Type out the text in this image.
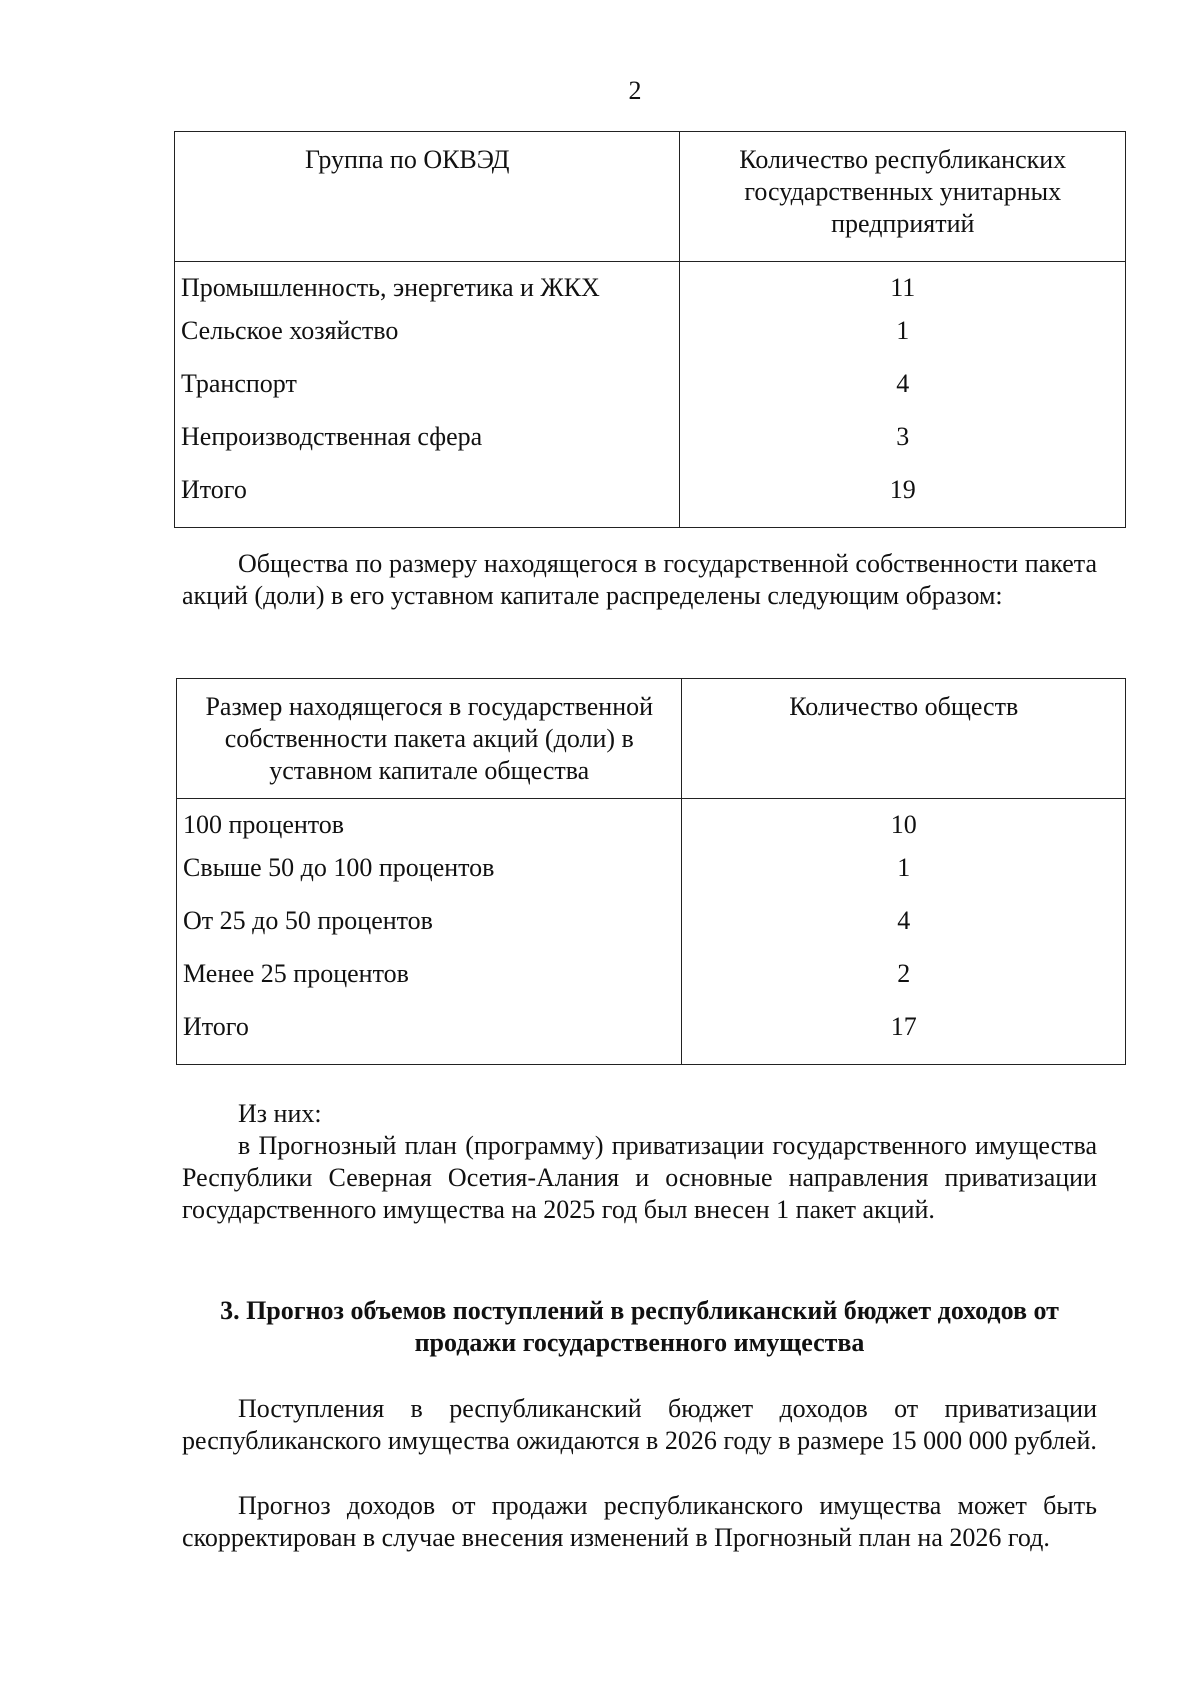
2
Группа по ОКВЭД	Количество республиканских государственных унитарных предприятий
Промышленность, энергетика и ЖКХ	11
Сельское хозяйство	1
Транспорт	4
Непроизводственная сфера	3
Итого	19

Общества по размеру находящегося в государственной собственности пакета акций (доли) в его уставном капитале распределены следующим образом:

Размер находящегося в государственной собственности пакета акций (доли) в уставном капитале общества	Количество обществ
100 процентов	10
Свыше 50 до 100 процентов	1
От 25 до 50 процентов	4
Менее 25 процентов	2
Итого	17

Из них:

в Прогнозный план (программу) приватизации государственного имущества Республики Северная Осетия-Алания и основные направления приватизации государственного имущества на 2025 год был внесен 1 пакет акций.

3. Прогноз объемов поступлений в республиканский бюджет доходов от продажи государственного имущества

Поступления в республиканский бюджет доходов от приватизации республиканского имущества ожидаются в 2026 году в размере 15 000 000 рублей.

Прогноз доходов от продажи республиканского имущества может быть скорректирован в случае внесения изменений в Прогнозный план на 2026 год.
